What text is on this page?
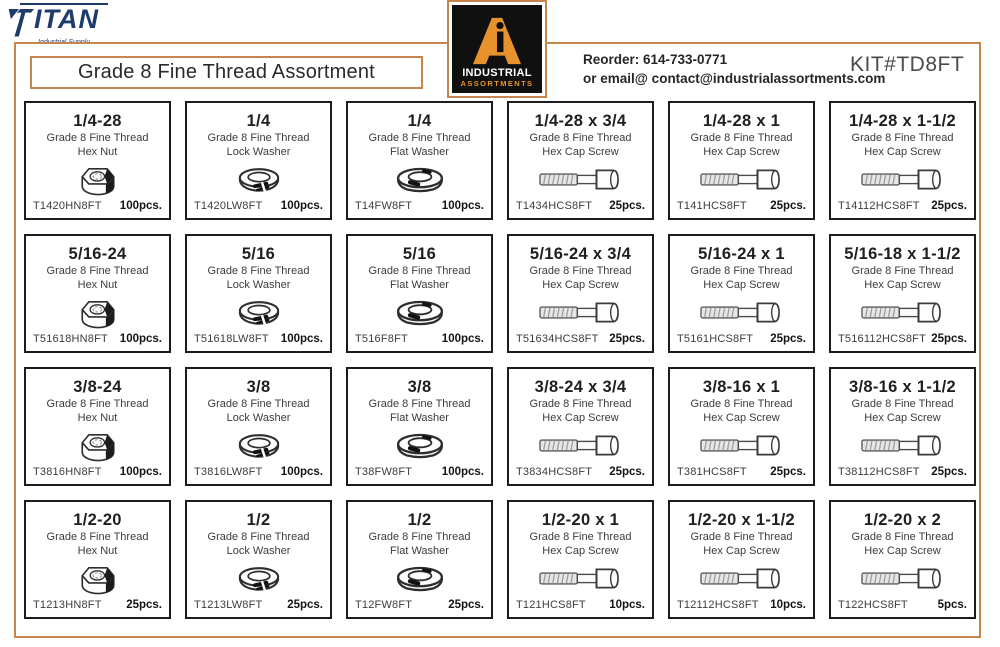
ITAN
Grade 8 Fine Thread Assortment	INDUSTRIAL
ASSORTMENTS
Reorder: 614-733-0771
or email@ contact@industrialassortments.com
KIT#TD8FT
1/4-28
Grade 8 Fine Thread
Hex Nut
T1420HN8FT 100pcs.
1/4
Grade 8 Fine Thread
Lock Washer
T1420LW8FT 100pcs.
1/4
Grade 8 Fine Thread
Flat Washer
T14FW8FT	100pcs.
1/4-28 x 3/4
Grade 8 Fine Thread
Hex Cap Screw
T1434HCS8FT 25pcs.
1/4-28 x 1
Grade 8 Fine Thread
Hex Cap Screw
T141HCS8FT 25pcs.
1/4-28 x 1-1/2
Grade 8 Fine Thread
Hex Cap Screw
T14112HCS8FT 25pcs.
5/16-24
Grade 8 Fine Thread
Hex Nut
T51618HN8FT 100pcs.
5/16
Grade 8 Fine Thread
Lock Washer
T51618LW8FT 100pcs.
5/16
Grade 8 Fine Thread
Flat Washer
T516F8FT	100pcs.
5/16-24 x 3/4
Grade 8 Fine Thread
Hex Cap Screw
T51634HCS8FT 25pcs.
5/16-24 x 1
Grade 8 Fine Thread
Hex Cap Screw
T5161HCS8FT 25pcs.
5/16-18 x 1-1/2
Grade 8 Fine Thread
Hex Cap Screw
T516112HCS8FT 25pcs.
3/8-24
Grade 8 Fine Thread
Hex Nut
T3816HN8FT 100pcs.
3/8
Grade 8 Fine Thread
Lock Washer
T3816LW8FT 100pcs.
3/8
Grade 8 Fine Thread
Flat Washer
T38FW8FT	100pcs.
3/8-24 x 3/4
Grade 8 Fine Thread
Hex Cap Screw
T3834HCS8FT 25pcs.
3/8-16 x 1
Grade 8 Fine Thread
Hex Cap Screw
T381HCS8FT 25pcs.
3/8-16 x 1-1/2
Grade 8 Fine Thread
Hex Cap Screw
T38112HCS8FT 25pcs.
1/2-20
Grade 8 Fine Thread
Hex Nut
T1213HN8FT 25pcs.
1/2
Grade 8 Fine Thread
Lock Washer
T1213LW8FT 25pcs.
1/2
Grade 8 Fine Thread
Flat Washer
T12FW8FT	25pcs.
1/2-20 x 1
Grade 8 Fine Thread
Hex Cap Screw
T121HCS8FT 10pcs.
1/2-20 x 1-1/2
Grade 8 Fine Thread
Hex Cap Screw
T12112HCS8FT 10pcs.
1/2-20 x 2
Grade 8 Fine Thread
Hex Cap Screw
T122HCS8FT	5pcs.
